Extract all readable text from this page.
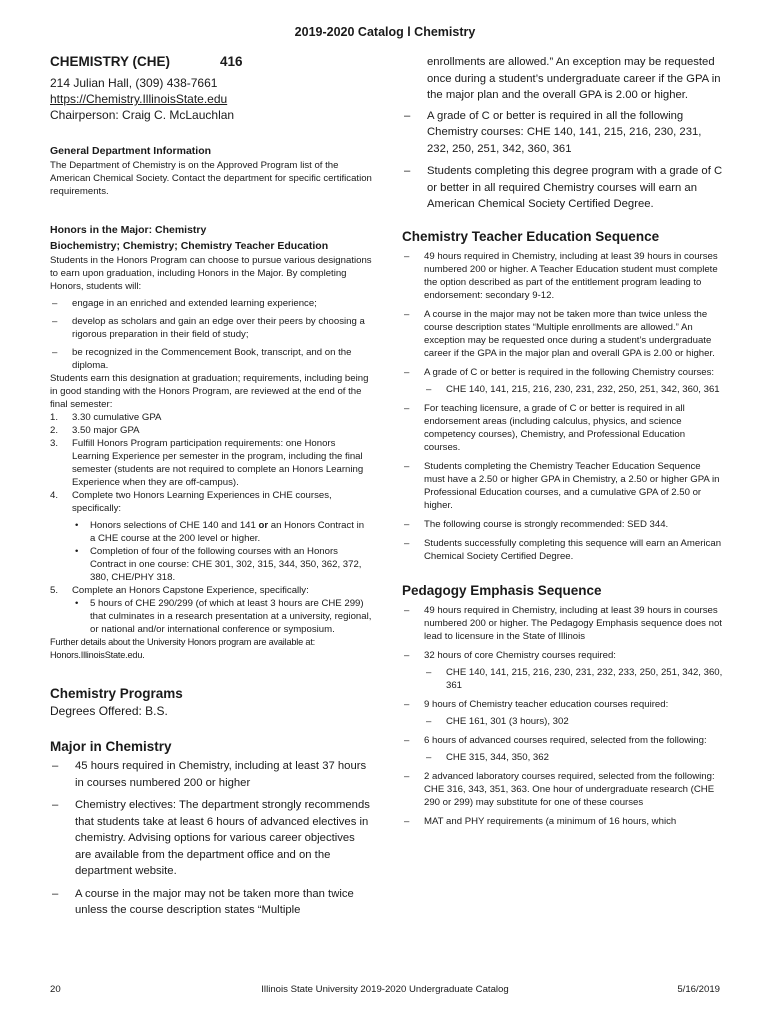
2019-2020 Catalog l Chemistry
CHEMISTRY (CHE)	416
214 Julian Hall, (309) 438-7661
https://Chemistry.IllinoisState.edu
Chairperson: Craig C. McLauchlan
General Department Information
The Department of Chemistry is on the Approved Program list of the American Chemical Society. Contact the department for specific certification requirements.
Honors in the Major: Chemistry
Biochemistry; Chemistry; Chemistry Teacher Education
Students in the Honors Program can choose to pursue various designations to earn upon graduation, including Honors in the Major. By completing Honors, students will:
– engage in an enriched and extended learning experience;
– develop as scholars and gain an edge over their peers by choosing a rigorous preparation in their field of study;
– be recognized in the Commencement Book, transcript, and on the diploma.
Students earn this designation at graduation; requirements, including being in good standing with the Honors Program, are reviewed at the end of the final semester:
1. 3.30 cumulative GPA
2. 3.50 major GPA
3. Fulfill Honors Program participation requirements: one Honors Learning Experience per semester in the program, including the final semester (students are not required to complete an Honors Learning Experience when they are off-campus).
4. Complete two Honors Learning Experiences in CHE courses, specifically:
• Honors selections of CHE 140 and 141 or an Honors Contract in a CHE course at the 200 level or higher.
• Completion of four of the following courses with an Honors Contract in one course: CHE 301, 302, 315, 344, 350, 362, 372, 380, CHE/PHY 318.
5. Complete an Honors Capstone Experience, specifically:
• 5 hours of CHE 290/299 (of which at least 3 hours are CHE 299) that culminates in a research presentation at a university, regional, or national and/or international conference or symposium.
Further details about the University Honors program are available at: Honors.IllinoisState.edu.
Chemistry Programs
Degrees Offered: B.S.
Major in Chemistry
– 45 hours required in Chemistry, including at least 37 hours in courses numbered 200 or higher
– Chemistry electives: The department strongly recommends that students take at least 6 hours of advanced electives in chemistry. Advising options for various career objectives are available from the department office and on the department website.
– A course in the major may not be taken more than twice unless the course description states “Multiple
enrollments are allowed.” An exception may be requested once during a student’s undergraduate career if the GPA in the major plan and the overall GPA is 2.00 or higher.
– A grade of C or better is required in all the following Chemistry courses: CHE 140, 141, 215, 216, 230, 231, 232, 250, 251, 342, 360, 361
– Students completing this degree program with a grade of C or better in all required Chemistry courses will earn an American Chemical Society Certified Degree.
Chemistry Teacher Education Sequence
– 49 hours required in Chemistry, including at least 39 hours in courses numbered 200 or higher. A Teacher Education student must complete the option described as part of the entitlement program leading to endorsement: secondary 9-12.
– A course in the major may not be taken more than twice unless the course description states “Multiple enrollments are allowed.” An exception may be requested once during a student’s undergraduate career if the GPA in the major plan and overall GPA is 2.00 or higher.
– A grade of C or better is required in the following Chemistry courses:
– CHE 140, 141, 215, 216, 230, 231, 232, 250, 251, 342, 360, 361
– For teaching licensure, a grade of C or better is required in all endorsement areas (including calculus, physics, and science competency courses), Chemistry, and Professional Education courses.
– Students completing the Chemistry Teacher Education Sequence must have a 2.50 or higher GPA in Chemistry, a 2.50 or higher GPA in Professional Education courses, and a cumulative GPA of 2.50 or higher.
– The following course is strongly recommended: SED 344.
– Students successfully completing this sequence will earn an American Chemical Society Certified Degree.
Pedagogy Emphasis Sequence
– 49 hours required in Chemistry, including at least 39 hours in courses numbered 200 or higher. The Pedagogy Emphasis sequence does not lead to licensure in the State of Illinois
– 32 hours of core Chemistry courses required:
– CHE 140, 141, 215, 216, 230, 231, 232, 233, 250, 251, 342, 360, 361
– 9 hours of Chemistry teacher education courses required:
– CHE 161, 301 (3 hours), 302
– 6 hours of advanced courses required, selected from the following:
– CHE 315, 344, 350, 362
– 2 advanced laboratory courses required, selected from the following: CHE 316, 343, 351, 363. One hour of undergraduate research (CHE 290 or 299) may substitute for one of these courses
– MAT and PHY requirements (a minimum of 16 hours, which
Illinois State University 2019-2020 Undergraduate Catalog
20	5/16/2019
